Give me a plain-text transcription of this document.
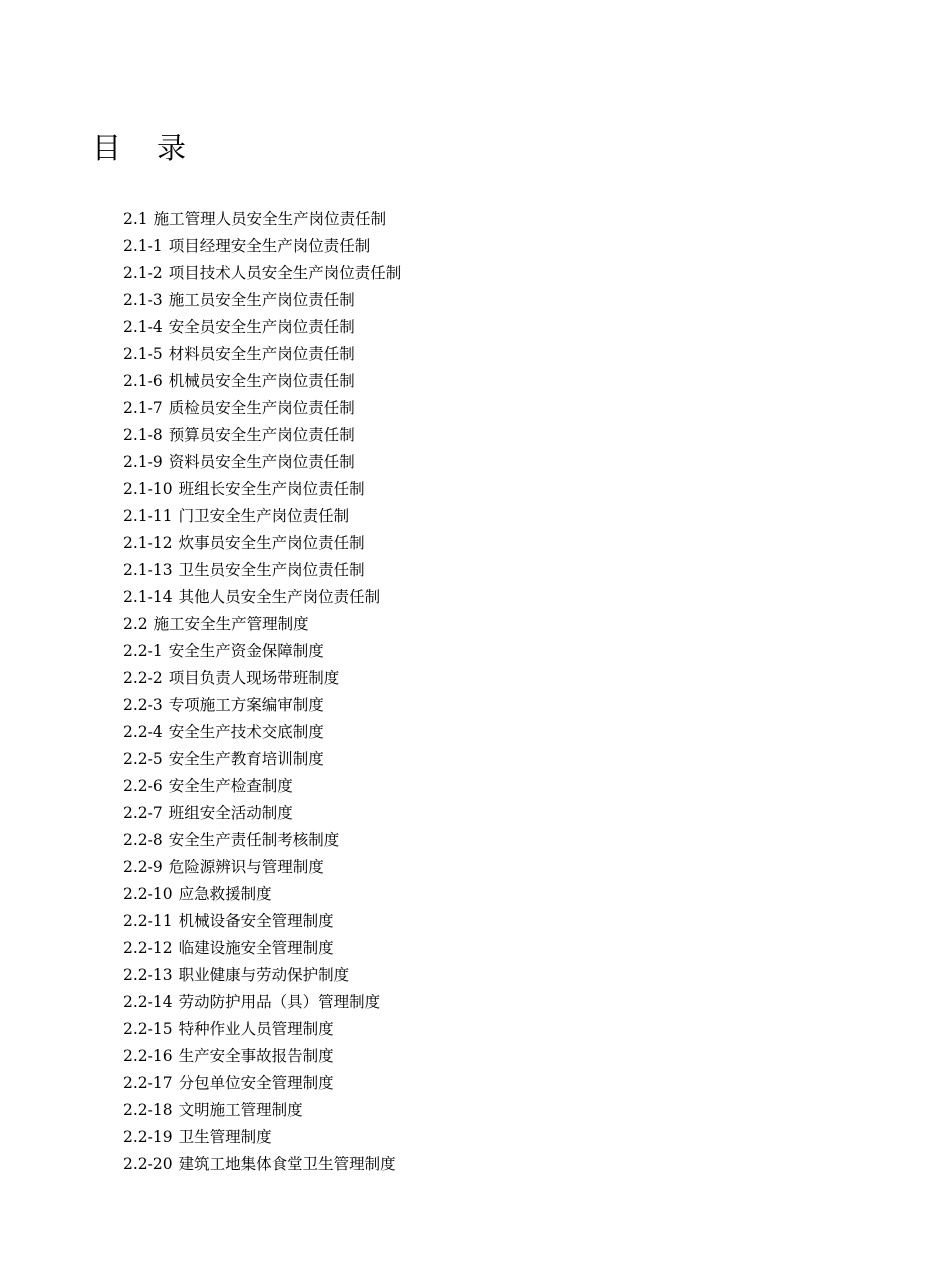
目录
2.1 施工管理人员安全生产岗位责任制
2.1-1 项目经理安全生产岗位责任制
2.1-2 项目技术人员安全生产岗位责任制
2.1-3 施工员安全生产岗位责任制
2.1-4 安全员安全生产岗位责任制
2.1-5 材料员安全生产岗位责任制
2.1-6 机械员安全生产岗位责任制
2.1-7 质检员安全生产岗位责任制
2.1-8 预算员安全生产岗位责任制
2.1-9 资料员安全生产岗位责任制
2.1-10 班组长安全生产岗位责任制
2.1-11 门卫安全生产岗位责任制
2.1-12 炊事员安全生产岗位责任制
2.1-13 卫生员安全生产岗位责任制
2.1-14 其他人员安全生产岗位责任制
2.2 施工安全生产管理制度
2.2-1 安全生产资金保障制度
2.2-2 项目负责人现场带班制度
2.2-3 专项施工方案编审制度
2.2-4 安全生产技术交底制度
2.2-5 安全生产教育培训制度
2.2-6 安全生产检查制度
2.2-7 班组安全活动制度
2.2-8 安全生产责任制考核制度
2.2-9 危险源辨识与管理制度
2.2-10 应急救援制度
2.2-11 机械设备安全管理制度
2.2-12 临建设施安全管理制度
2.2-13 职业健康与劳动保护制度
2.2-14 劳动防护用品（具）管理制度
2.2-15 特种作业人员管理制度
2.2-16 生产安全事故报告制度
2.2-17 分包单位安全管理制度
2.2-18 文明施工管理制度
2.2-19 卫生管理制度
2.2-20 建筑工地集体食堂卫生管理制度
